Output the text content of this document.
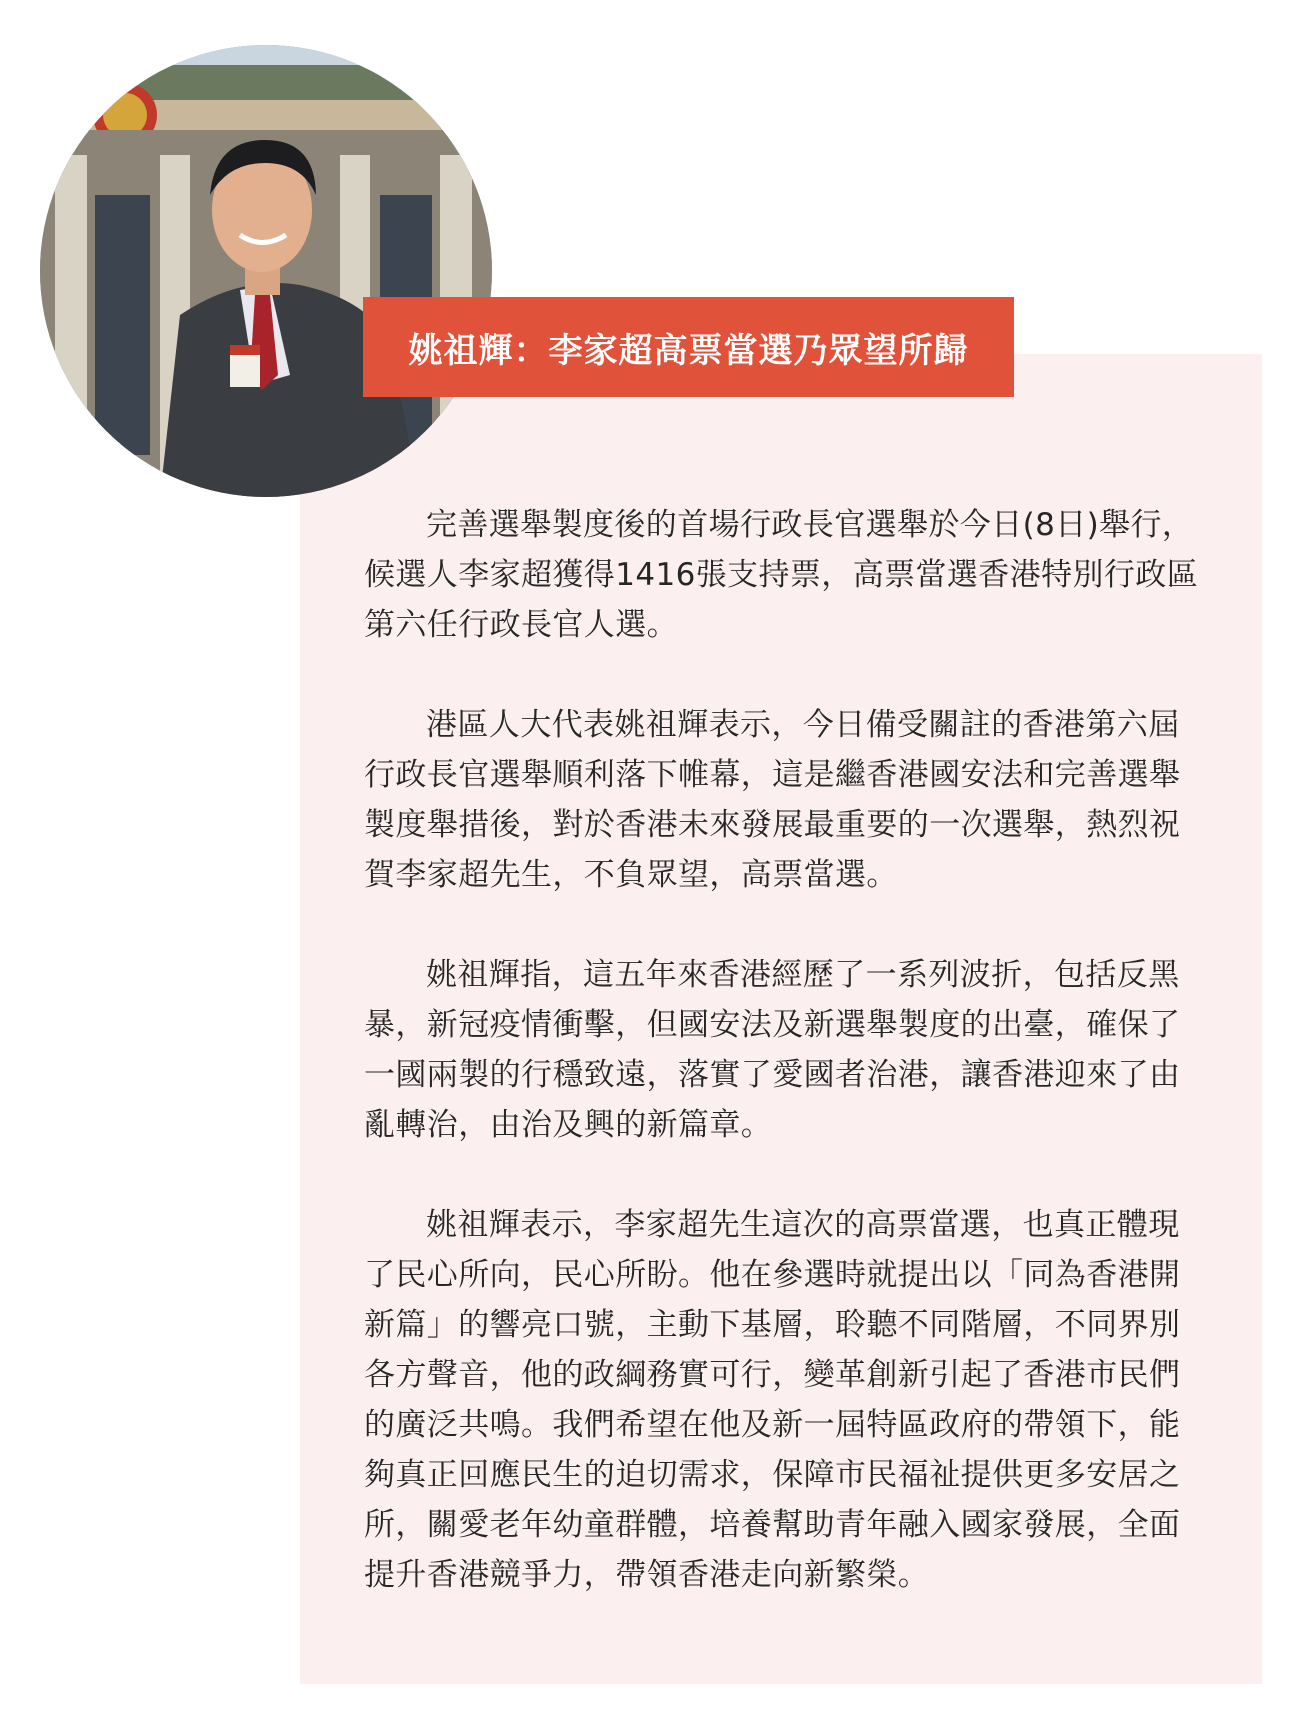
姚祖輝：李家超高票當選乃眾望所歸

完善選舉製度後的首場行政長官選舉於今日(8日)舉行，候選人李家超獲得1416張支持票，高票當選香港特別行政區第六任行政長官人選。

港區人大代表姚祖輝表示，今日備受關註的香港第六屆行政長官選舉順利落下帷幕，這是繼香港國安法和完善選舉製度舉措後，對於香港未來發展最重要的一次選舉，熱烈祝賀李家超先生，不負眾望，高票當選。

姚祖輝指，這五年來香港經歷了一系列波折，包括反黑暴，新冠疫情衝擊，但國安法及新選舉製度的出臺，確保了一國兩製的行穩致遠，落實了愛國者治港，讓香港迎來了由亂轉治，由治及興的新篇章。

姚祖輝表示，李家超先生這次的高票當選，也真正體現了民心所向，民心所盼。他在參選時就提出以「同為香港開新篇」的響亮口號，主動下基層，聆聽不同階層，不同界別各方聲音，他的政綱務實可行，變革創新引起了香港市民們的廣泛共鳴。我們希望在他及新一屆特區政府的帶領下，能夠真正回應民生的迫切需求，保障市民福祉提供更多安居之所，關愛老年幼童群體，培養幫助青年融入國家發展，全面提升香港競爭力，帶領香港走向新繁榮。
